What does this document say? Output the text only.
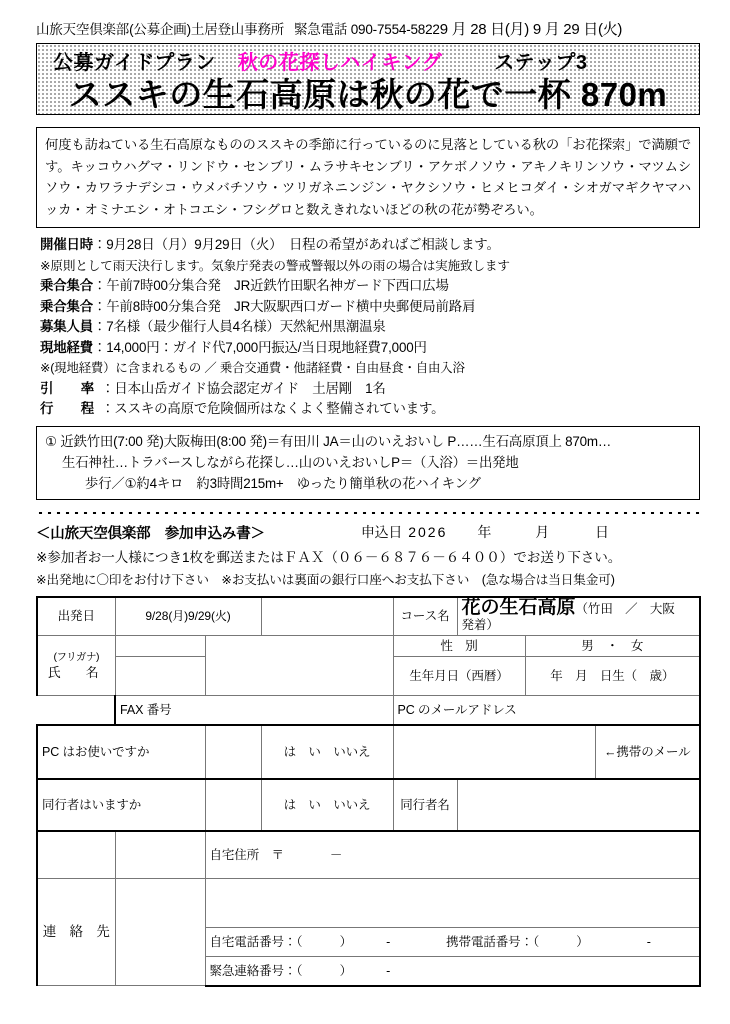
山旅天空倶楽部(公募企画)土居登山事務所 緊急電話 090-7554-58229 月 28 日(月) 9 月 29 日(火)
公募ガイドプラン 秋の花探しハイキング	ステップ3
ススキの生石高原は秋の花で一杯 870m
何度も訪ねている生石高原なもののススキの季節に行っているのに見落としている秋の「お花探索」で満願です。キッコウハグマ・リンドウ・センブリ・ムラサキセンブリ・アケボノソウ・アキノキリンソウ・マツムシソウ・カワラナデシコ・ウメバチソウ・ツリガネニンジン・ヤクシソウ・ヒメヒコダイ・シオガマギクヤマハッカ・オミナエシ・オトコエシ・フシグロと数えきれないほどの秋の花が勢ぞろい。
開催日時：9月28日（月）9月29日（火）　日程の希望があればご相談します。
※原則として雨天決行します。気象庁発表の警戒警報以外の雨の場合は実施致します
乗合集合：午前7時00分集合発　JR近鉄竹田駅名神ガード下西口広場
乗合集合：午前8時00分集合発　JR大阪駅西口ガード横中央郵便局前路肩
募集人員：7名様（最少催行人員4名様）天然紀州黒潮温泉
現地経費：14,000円：ガイド代7,000円振込/当日現地経費7,000円
※(現地経費）に含まれるもの ／ 乗合交通費・他諸経費・自由昼食・自由入浴
引　率：日本山岳ガイド協会認定ガイド　土居剛　1名
行　程：ススキの高原で危険個所はなくよく整備されています。
① 近鉄竹田(7:00 発)大阪梅田(8:00 発)＝有田川 JA＝山のいえおいし P……生石高原頂上 870m…
生石神社…トラバースしながら花探し…山のいえおいしP＝（入浴）＝出発地
歩行／①約4キロ　約3時間215m+　ゆったり簡単秋の花ハイキング
＜山旅天空倶楽部　参加申込み書＞	申込日 2026 年	月	日
※参加者お一人様につき1枚を郵送またはＦＡＸ（０６－６８７６－６４００）でお送り下さい。
※出発地に〇印をお付け下さい　※お支払いは裏面の銀行口座へお支払下さい　(急な場合は当日集金可)
出発日	9/28(月)9/29(火)			コース名	花の生石高原（竹田　／　大阪　発着）		

(フリガナ)
氏　名				性　別		男　・　女	
				生年月日（西暦）		年　月　日生（　歳）	
	FAX 番号			PC のメールアドレス			
PC はお使いですか			は　い　いいえ				←携帯のメール
同行者はいますか			は　い　いいえ	同行者名			
		自宅住所　〒 －					
連　絡　先							
		自宅電話番号：（　　　） - 携帯電話番号：（　　　） -					
		緊急連絡番号：（　　　） -					
